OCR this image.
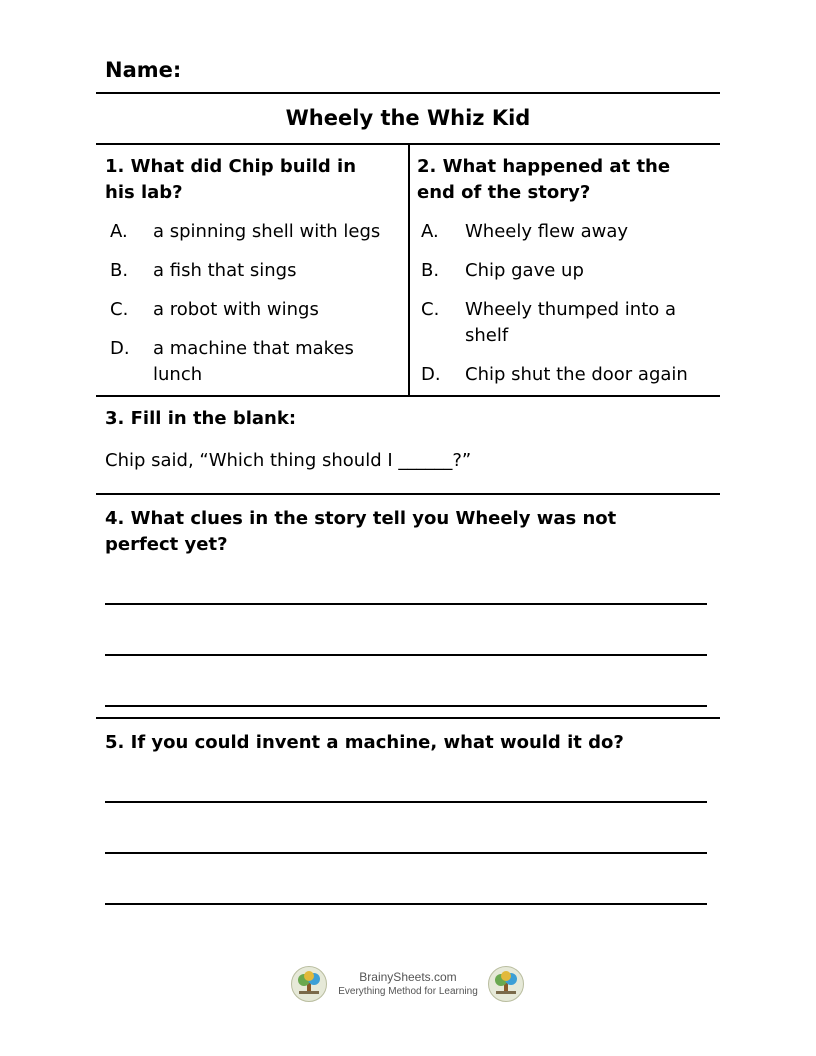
Name:
Wheely the Whiz Kid
1. What did Chip build in
his lab?
A. a spinning shell with legs
B. a fish that sings
C. a robot with wings
D. a machine that makes
lunch
2. What happened at the
end of the story?
A. Wheely flew away
B. Chip gave up
C. Wheely thumped into a
shelf
D. Chip shut the door again
3. Fill in the blank:
Chip said, “Which thing should I ______?”
4. What clues in the story tell you Wheely was not
perfect yet?
5. If you could invent a machine, what would it do?
BrainySheets.com
Everything Method for Learning
